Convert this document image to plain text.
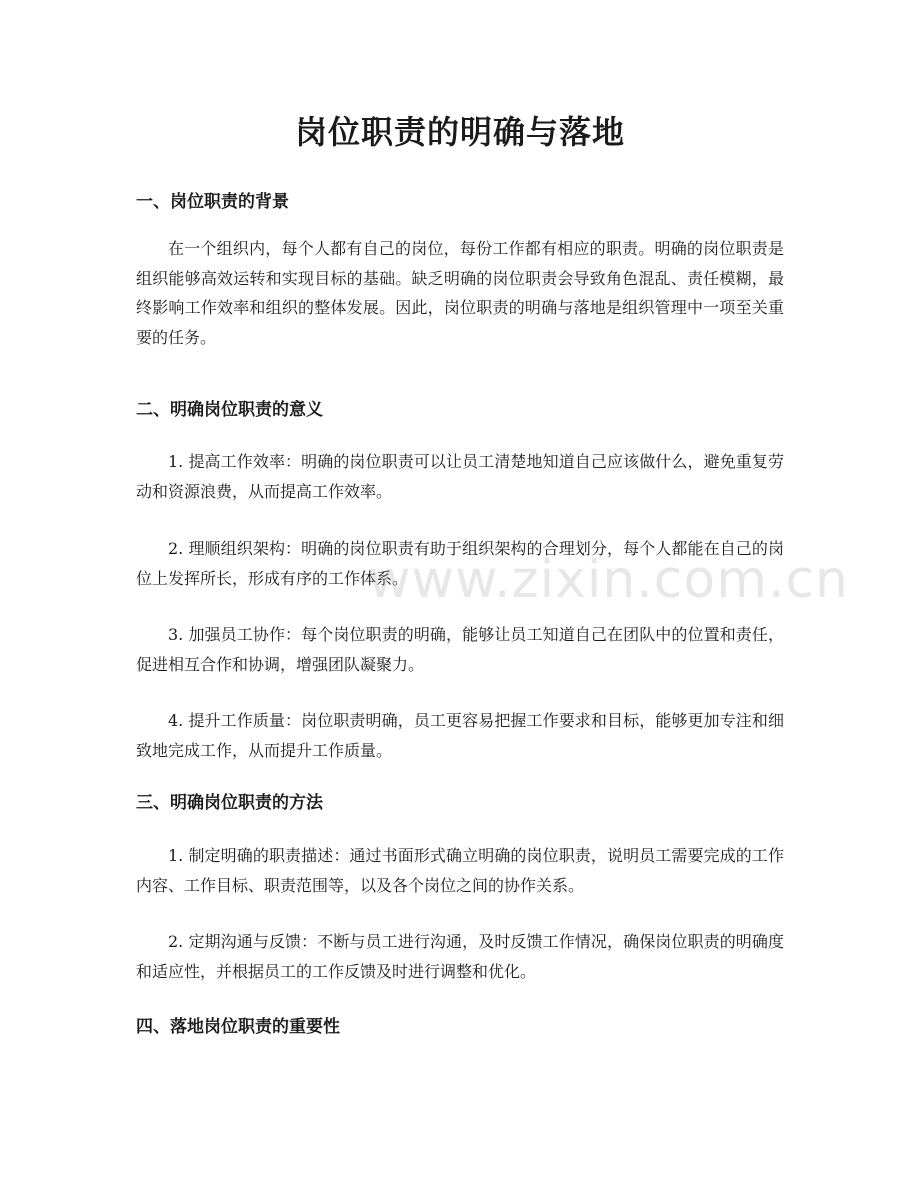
岗位职责的明确与落地
一、岗位职责的背景

在一个组织内，每个人都有自己的岗位，每份工作都有相应的职责。明确的岗位职责是组织能够高效运转和实现目标的基础。缺乏明确的岗位职责会导致角色混乱、责任模糊，最终影响工作效率和组织的整体发展。因此，岗位职责的明确与落地是组织管理中一项至关重要的任务。

二、明确岗位职责的意义

1. 提高工作效率：明确的岗位职责可以让员工清楚地知道自己应该做什么，避免重复劳动和资源浪费，从而提高工作效率。

2. 理顺组织架构：明确的岗位职责有助于组织架构的合理划分，每个人都能在自己的岗位上发挥所长，形成有序的工作体系。

3. 加强员工协作：每个岗位职责的明确，能够让员工知道自己在团队中的位置和责任，促进相互合作和协调，增强团队凝聚力。

4. 提升工作质量：岗位职责明确，员工更容易把握工作要求和目标，能够更加专注和细致地完成工作，从而提升工作质量。

三、明确岗位职责的方法

1. 制定明确的职责描述：通过书面形式确立明确的岗位职责，说明员工需要完成的工作内容、工作目标、职责范围等，以及各个岗位之间的协作关系。

2. 定期沟通与反馈：不断与员工进行沟通，及时反馈工作情况，确保岗位职责的明确度和适应性，并根据员工的工作反馈及时进行调整和优化。

四、落地岗位职责的重要性
www.zixin.com.cn
